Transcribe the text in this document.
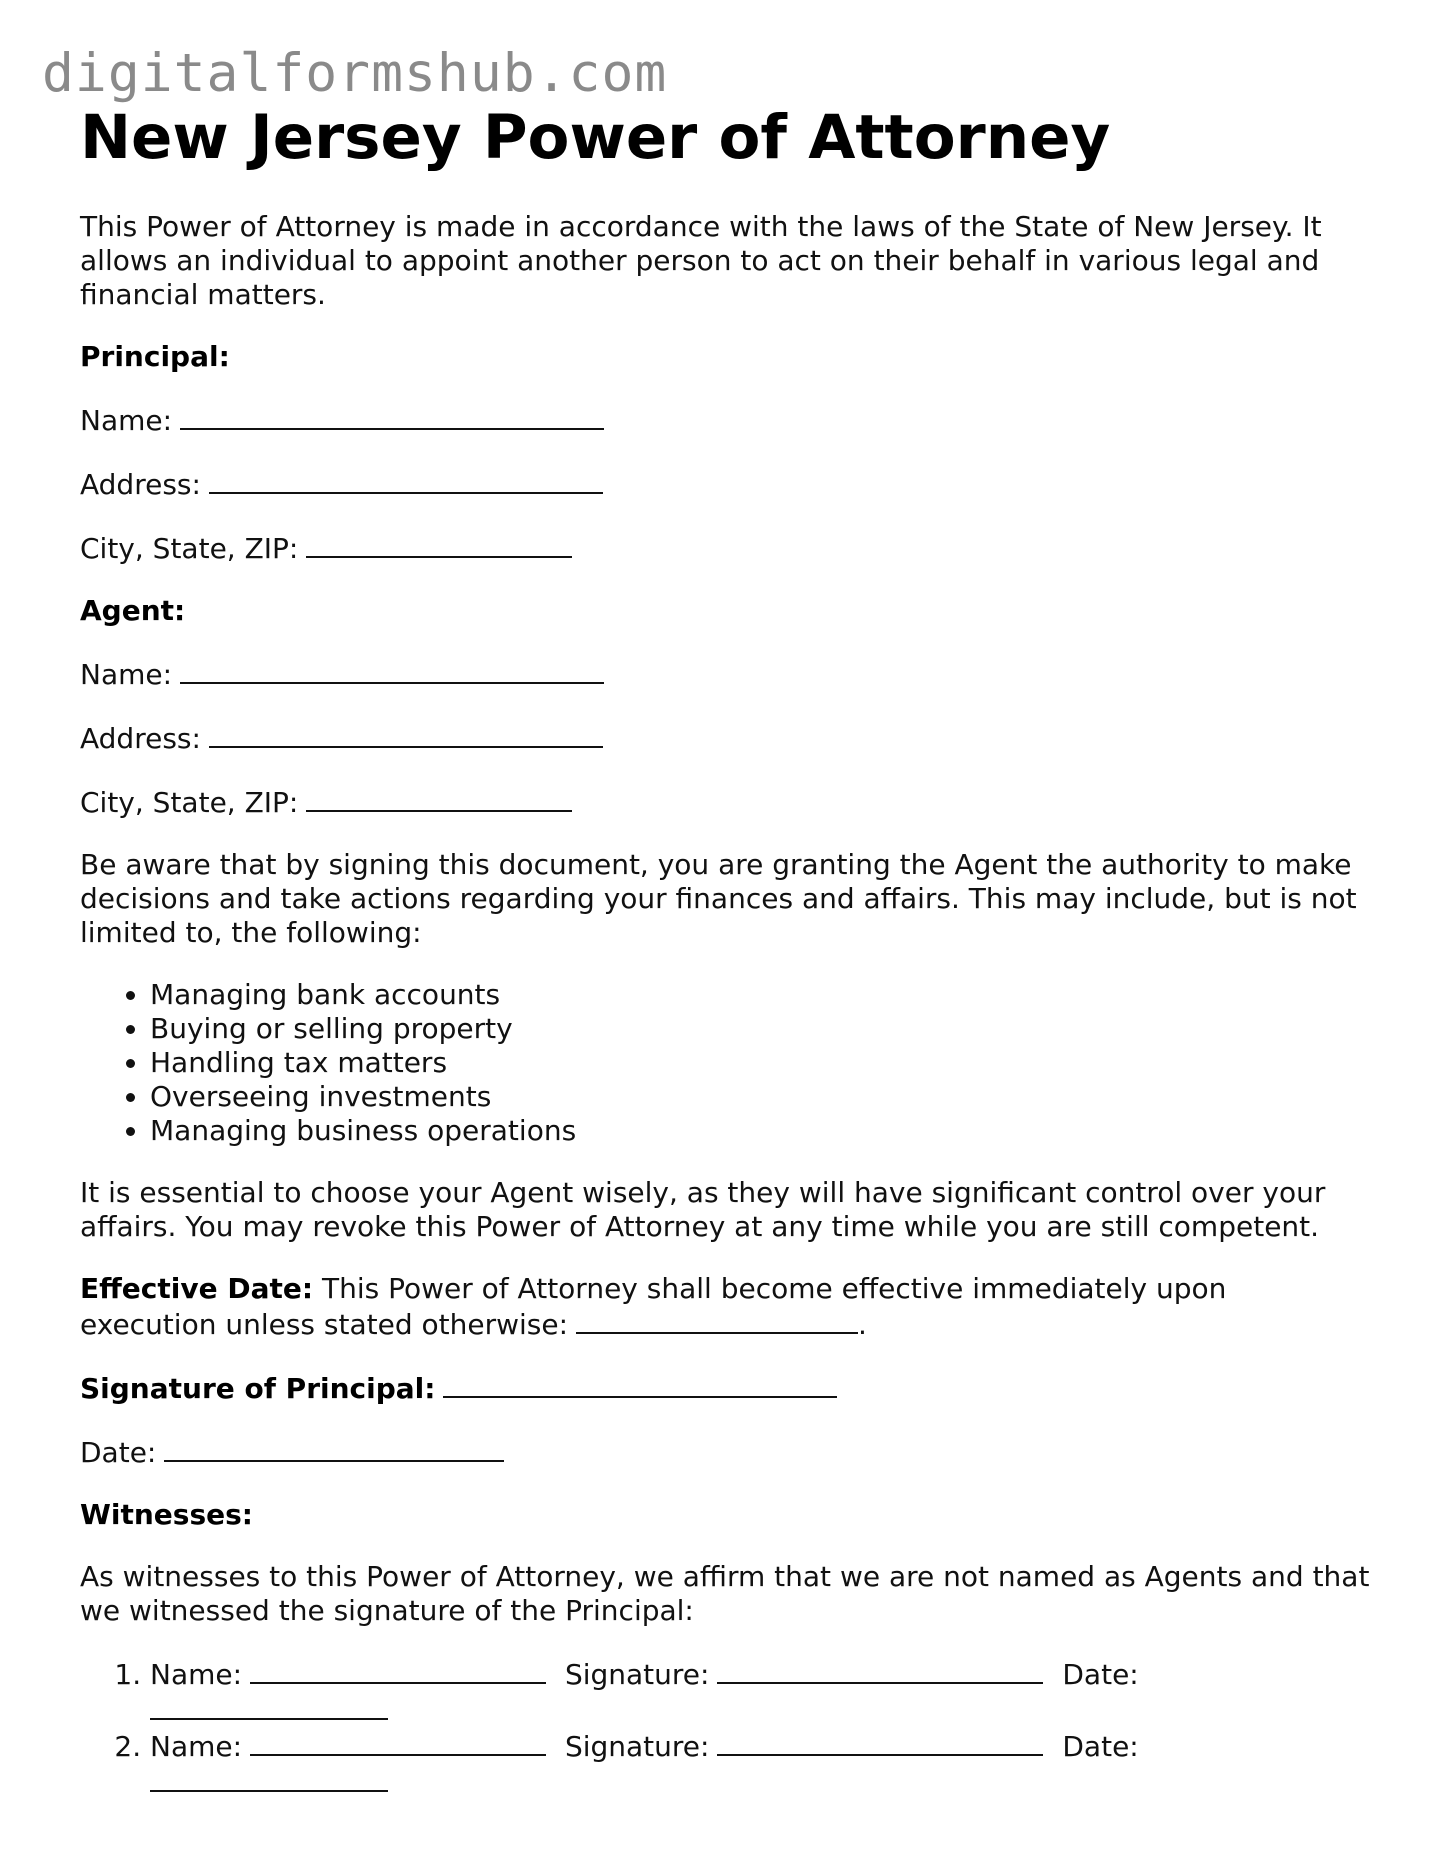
digitalformshub.com
New Jersey Power of Attorney

This Power of Attorney is made in accordance with the laws of the State of New Jersey. It allows an individual to appoint another person to act on their behalf in various legal and financial matters.

Principal:

Name:

Address:

City, State, ZIP:

Agent:

Name:

Address:

City, State, ZIP:

Be aware that by signing this document, you are granting the Agent the authority to make decisions and take actions regarding your finances and affairs. This may include, but is not limited to, the following:

• Managing bank accounts
• Buying or selling property
• Handling tax matters
• Overseeing investments
• Managing business operations

It is essential to choose your Agent wisely, as they will have significant control over your affairs. You may revoke this Power of Attorney at any time while you are still competent.

Effective Date: This Power of Attorney shall become effective immediately upon execution unless stated otherwise:	.

Signature of Principal:

Date:

Witnesses:

As witnesses to this Power of Attorney, we affirm that we are not named as Agents and that we witnessed the signature of the Principal:

1. Name:	Signature:	Date:
2. Name:	Signature:	Date:
